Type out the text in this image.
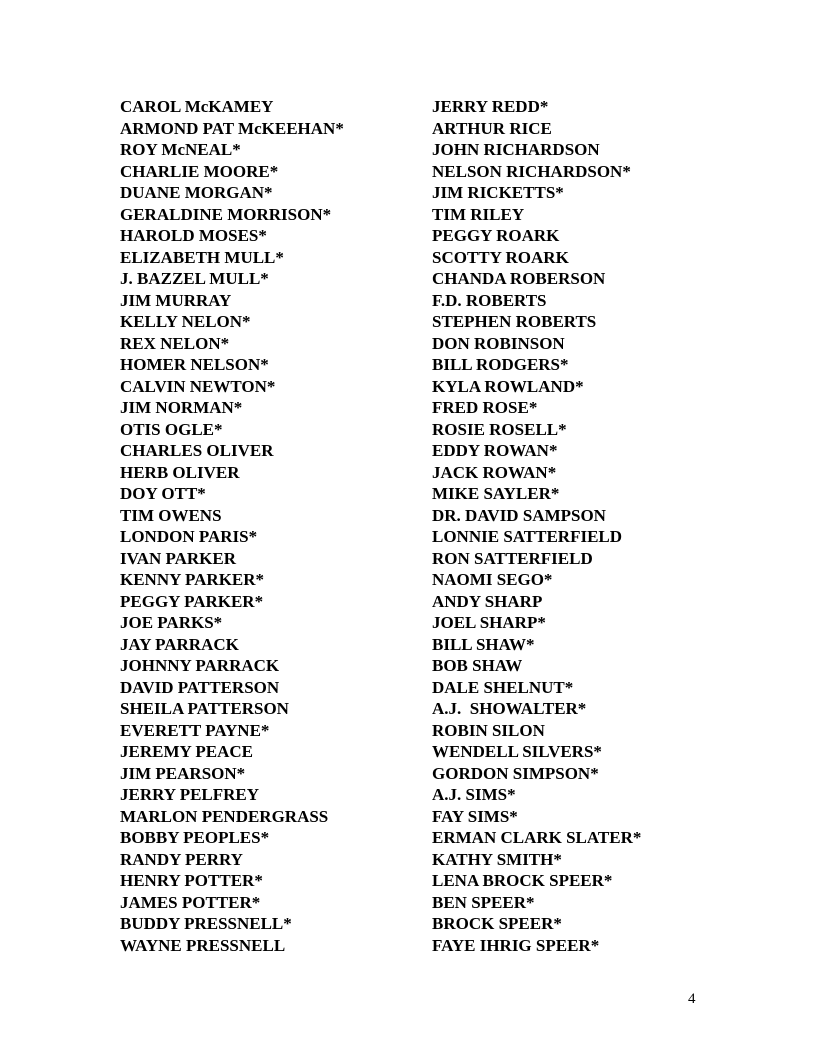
CAROL McKAMEY
ARMOND PAT McKEEHAN*
ROY McNEAL*
CHARLIE MOORE*
DUANE MORGAN*
GERALDINE MORRISON*
HAROLD MOSES*
ELIZABETH MULL*
J. BAZZEL MULL*
JIM MURRAY
KELLY NELON*
REX NELON*
HOMER NELSON*
CALVIN NEWTON*
JIM NORMAN*
OTIS OGLE*
CHARLES OLIVER
HERB OLIVER
DOY OTT*
TIM OWENS
LONDON PARIS*
IVAN PARKER
KENNY PARKER*
PEGGY PARKER*
JOE PARKS*
JAY PARRACK
JOHNNY PARRACK
DAVID PATTERSON
SHEILA PATTERSON
EVERETT PAYNE*
JEREMY PEACE
JIM PEARSON*
JERRY PELFREY
MARLON PENDERGRASS
BOBBY PEOPLES*
RANDY PERRY
HENRY POTTER*
JAMES POTTER*
BUDDY PRESSNELL*
WAYNE PRESSNELL
JERRY REDD*
ARTHUR RICE
JOHN RICHARDSON
NELSON RICHARDSON*
JIM RICKETTS*
TIM RILEY
PEGGY ROARK
SCOTTY ROARK
CHANDA ROBERSON
F.D. ROBERTS
STEPHEN ROBERTS
DON ROBINSON
BILL RODGERS*
KYLA ROWLAND*
FRED ROSE*
ROSIE ROSELL*
EDDY ROWAN*
JACK ROWAN*
MIKE SAYLER*
DR. DAVID SAMPSON
LONNIE SATTERFIELD
RON SATTERFIELD
NAOMI SEGO*
ANDY SHARP
JOEL SHARP*
BILL SHAW*
BOB SHAW
DALE SHELNUT*
A.J.  SHOWALTER*
ROBIN SILON
WENDELL SILVERS*
GORDON SIMPSON*
A.J. SIMS*
FAY SIMS*
ERMAN CLARK SLATER*
KATHY SMITH*
LENA BROCK SPEER*
BEN SPEER*
BROCK SPEER*
FAYE IHRIG SPEER*
4
